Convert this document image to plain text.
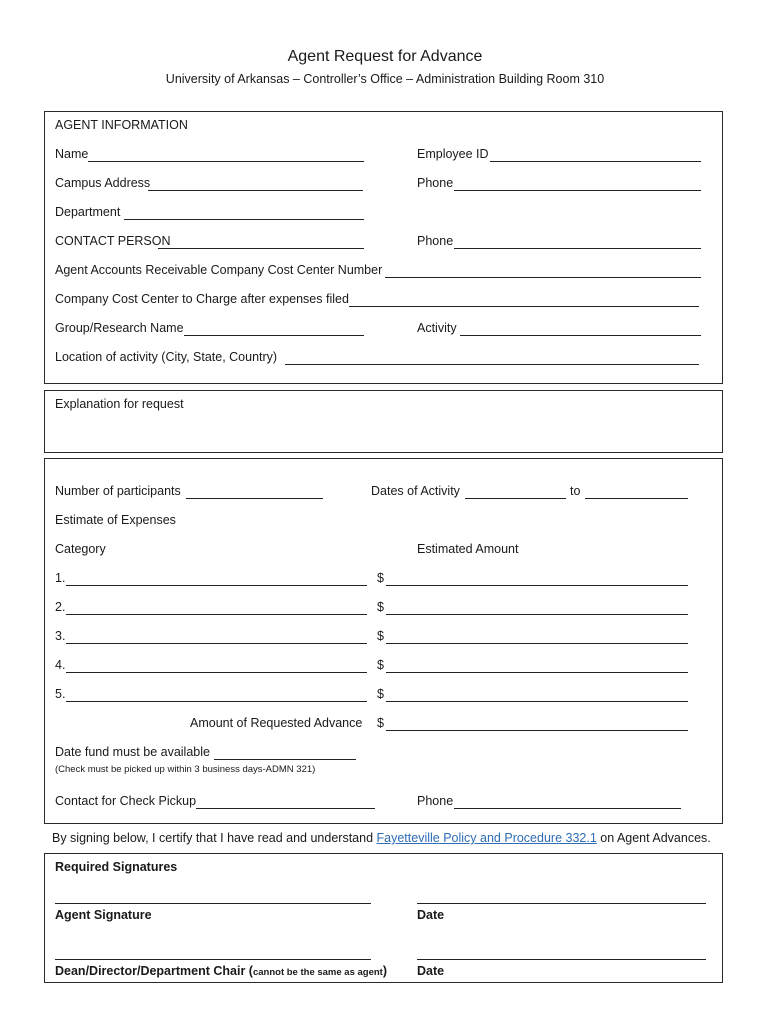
Agent Request for Advance
University of Arkansas – Controller’s Office – Administration Building Room 310
AGENT INFORMATION
Name	Employee ID
Campus Address	Phone
Department
CONTACT PERSON	Phone
Agent Accounts Receivable Company Cost Center Number
Company Cost Center to Charge after expenses filed
Group/Research Name	Activity
Location of activity (City, State, Country)
Explanation for request
Number of participants	Dates of Activity	to
Estimate of Expenses
Category	Estimated Amount
1.	$
2.	$
3.	$
4.	$
5.	$
Amount of Requested Advance $
Date fund must be available
(Check must be picked up within 3 business days-ADMN 321)
Contact for Check Pickup	Phone
By signing below, I certify that I have read and understand Fayetteville Policy and Procedure 332.1 on Agent Advances.
Required Signatures
Agent Signature	Date
Dean/Director/Department Chair (cannot be the same as agent) Date
